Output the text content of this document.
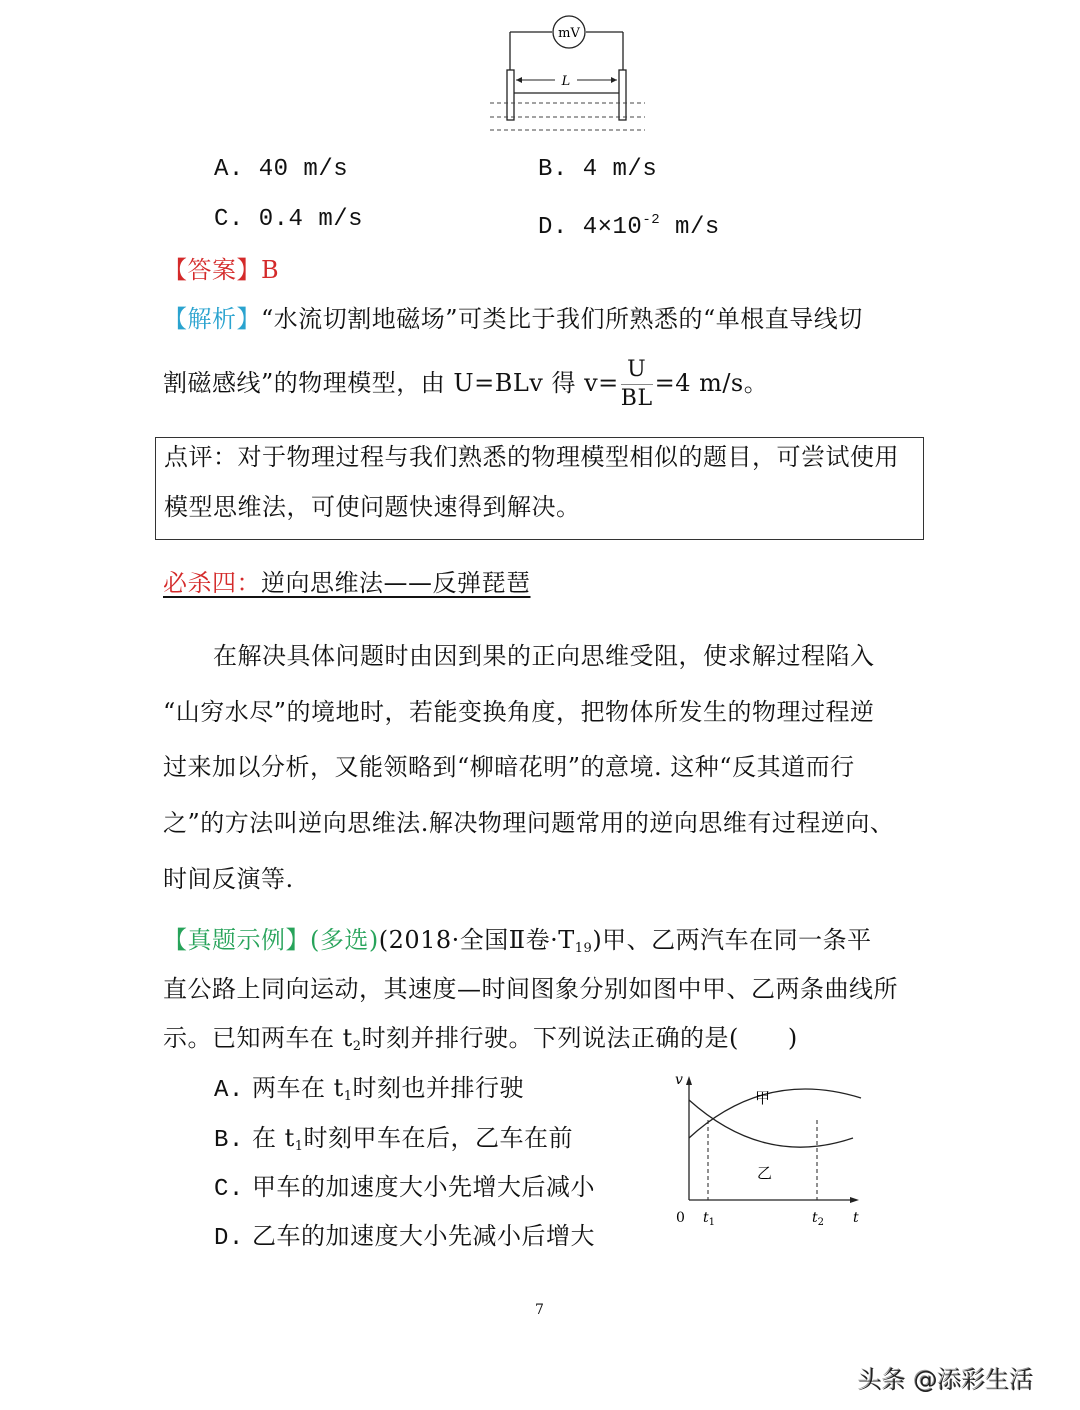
mV
L
A. 40 m/s	B. 4 m/s
C. 0.4 m/s	D. $4\times 10^{-2}$ m/s
【答案】B
【解析】“水流切割地磁场”可类比于我们所熟悉的“单根直导线切
割磁感线”的物理模型，由 U=BLv 得 $v= \frac{U}{BL} =4$ m/s。
点评：对于物理过程与我们熟悉的物理模型相似的题目，可尝试使用
模型思维法，可使问题快速得到解决。
必杀四：逆向思维法——反弹琵琶
在解决具体问题时由因到果的正向思维受阻，使求解过程陷入
“山穷水尽”的境地时，若能变换角度，把物体所发生的物理过程逆
过来加以分析，又能领略到“柳暗花明”的意境. 这种“反其道而行
之”的方法叫逆向思维法.解决物理问题常用的逆向思维有过程逆向、
时间反演等.
【真题示例】(多选)(2018·全国Ⅱ卷$\cdot T_{19}$)甲、乙两汽车在同一条平
直公路上同向运动，其速度—时间图象分别如图中甲、乙两条曲线所
示。已知两车在 $t_2$时刻并排行驶。下列说法正确的是(　　)
A. 两车在 $t_1$时刻也并排行驶
B. 在 $t_1$时刻甲车在后，乙车在前
C. 甲车的加速度大小先增大后减小
D. 乙车的加速度大小先减小后增大
v
t
0 $t_1$	$t_2$
甲
乙
7
头条 @添彩生活
